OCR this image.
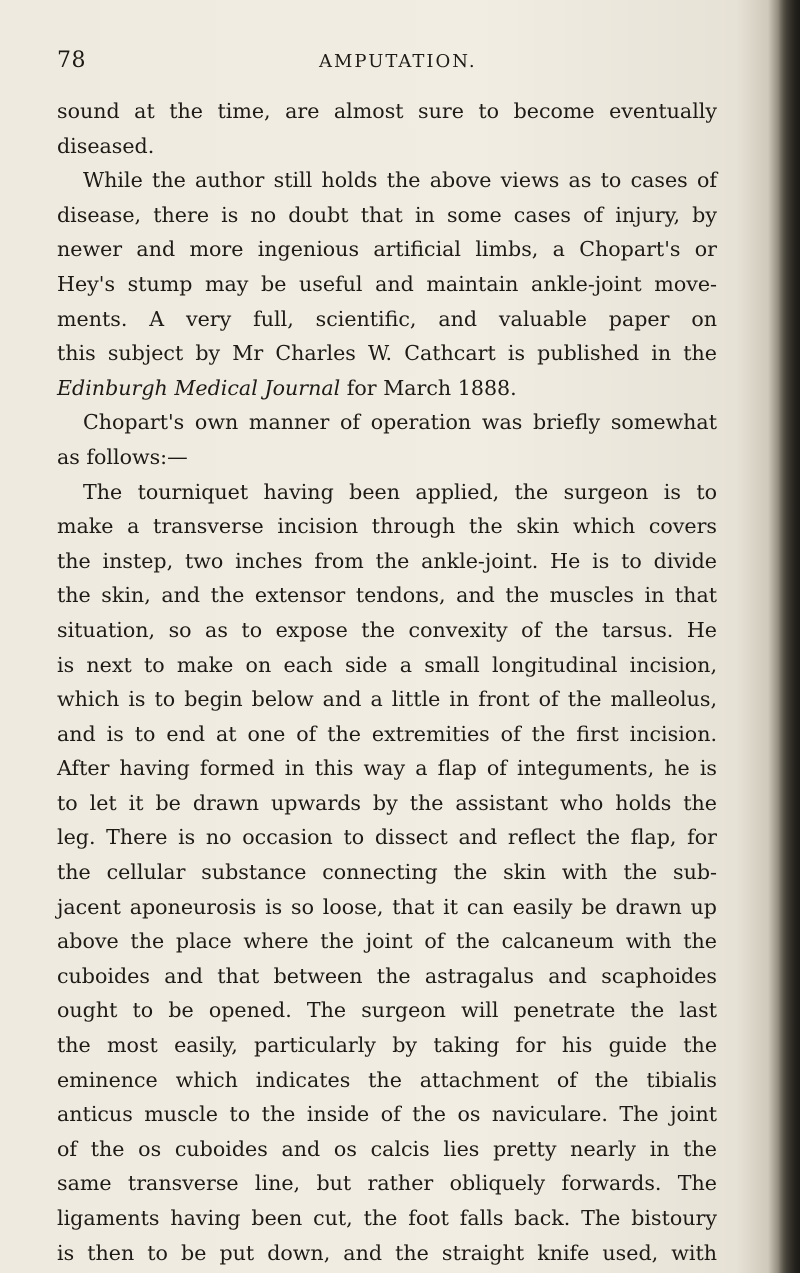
78	AMPUTATION.
sound at the time, are almost sure to become eventually
diseased.
While the author still holds the above views as to cases of
disease, there is no doubt that in some cases of injury, by
newer and more ingenious artificial limbs, a Chopart's or
Hey's stump may be useful and maintain ankle-joint move-
ments. A very full, scientific, and valuable paper on
this subject by Mr Charles W. Cathcart is published in the
Edinburgh Medical Journal for March 1888.
Chopart's own manner of operation was briefly somewhat
as follows:—
The tourniquet having been applied, the surgeon is to
make a transverse incision through the skin which covers
the instep, two inches from the ankle-joint. He is to divide
the skin, and the extensor tendons, and the muscles in that
situation, so as to expose the convexity of the tarsus. He
is next to make on each side a small longitudinal incision,
which is to begin below and a little in front of the malleolus,
and is to end at one of the extremities of the first incision.
After having formed in this way a flap of integuments, he is
to let it be drawn upwards by the assistant who holds the
leg. There is no occasion to dissect and reflect the flap, for
the cellular substance connecting the skin with the sub-
jacent aponeurosis is so loose, that it can easily be drawn up
above the place where the joint of the calcaneum with the
cuboides and that between the astragalus and scaphoides
ought to be opened. The surgeon will penetrate the last
the most easily, particularly by taking for his guide the
eminence which indicates the attachment of the tibialis
anticus muscle to the inside of the os naviculare. The joint
of the os cuboides and os calcis lies pretty nearly in the
same transverse line, but rather obliquely forwards. The
ligaments having been cut, the foot falls back. The bistoury
is then to be put down, and the straight knife used, with
